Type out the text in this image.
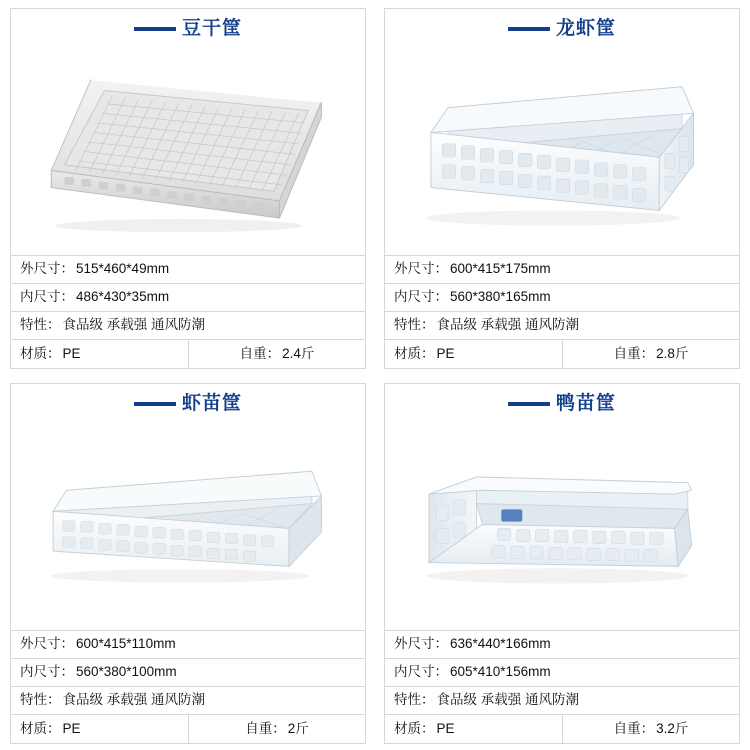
豆干筐
外尺寸： 515*460*49mm
内尺寸： 486*430*35mm
特性： 食品级 承载强 通风防潮
材质： PE	自重： 2.4斤
龙虾筐
外尺寸： 600*415*175mm
内尺寸： 560*380*165mm
特性： 食品级 承载强 通风防潮
材质： PE	自重： 2.8斤
虾苗筐
外尺寸： 600*415*110mm
内尺寸： 560*380*100mm
特性： 食品级 承载强 通风防潮
材质： PE	自重： 2斤
鸭苗筐
外尺寸： 636*440*166mm
内尺寸： 605*410*156mm
特性： 食品级 承载强 通风防潮
材质： PE	自重： 3.2斤
